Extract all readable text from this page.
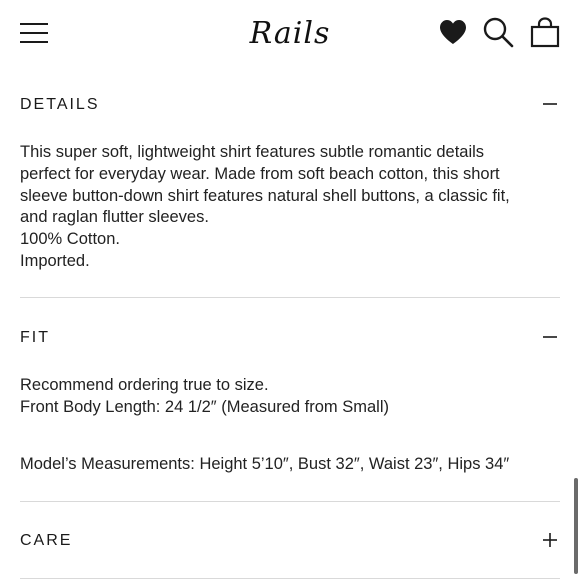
Rails
DETAILS
This super soft, lightweight shirt features subtle romantic details
perfect for everyday wear. Made from soft beach cotton, this short
sleeve button-down shirt features natural shell buttons, a classic fit,
and raglan flutter sleeves.
100% Cotton.
Imported.
FIT
Recommend ordering true to size.
Front Body Length: 24 1/2″ (Measured from Small)
Model’s Measurements: Height 5’10″, Bust 32″, Waist 23″, Hips 34″
CARE
